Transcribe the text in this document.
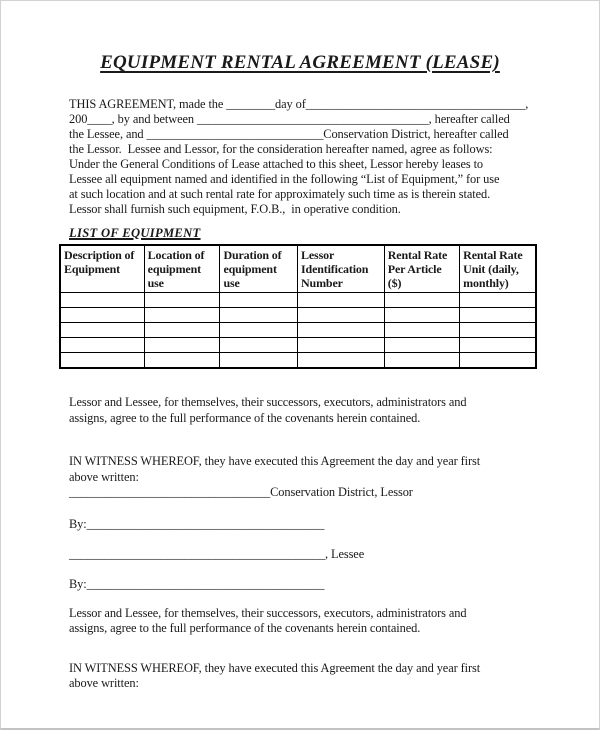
EQUIPMENT RENTAL AGREEMENT (LEASE)
THIS AGREEMENT, made the ________day of____________________________________,
200____, by and between ______________________________________, hereafter called
the Lessee, and _____________________________Conservation District, hereafter called
the Lessor.  Lessee and Lessor, for the consideration hereafter named, agree as follows:
Under the General Conditions of Lease attached to this sheet, Lessor hereby leases to
Lessee all equipment named and identified in the following “List of Equipment,” for use
at such location and at such rental rate for approximately such time as is therein stated.
Lessor shall furnish such equipment, F.O.B.,  in operative condition.
LIST OF EQUIPMENT
Description of Equipment	Location of equipment use	Duration of equipment use	Lessor Identification Number	Rental Rate Per Article ($)	Rental Rate Unit (daily, monthly)

Lessor and Lessee, for themselves, their successors, executors, administrators and
assigns, agree to the full performance of the covenants herein contained.
IN WITNESS WHEREOF, they have executed this Agreement the day and year first
above written:
_________________________________Conservation District, Lessor
By:_______________________________________
__________________________________________, Lessee
By:_______________________________________
Lessor and Lessee, for themselves, their successors, executors, administrators and
assigns, agree to the full performance of the covenants herein contained.
IN WITNESS WHEREOF, they have executed this Agreement the day and year first
above written:
